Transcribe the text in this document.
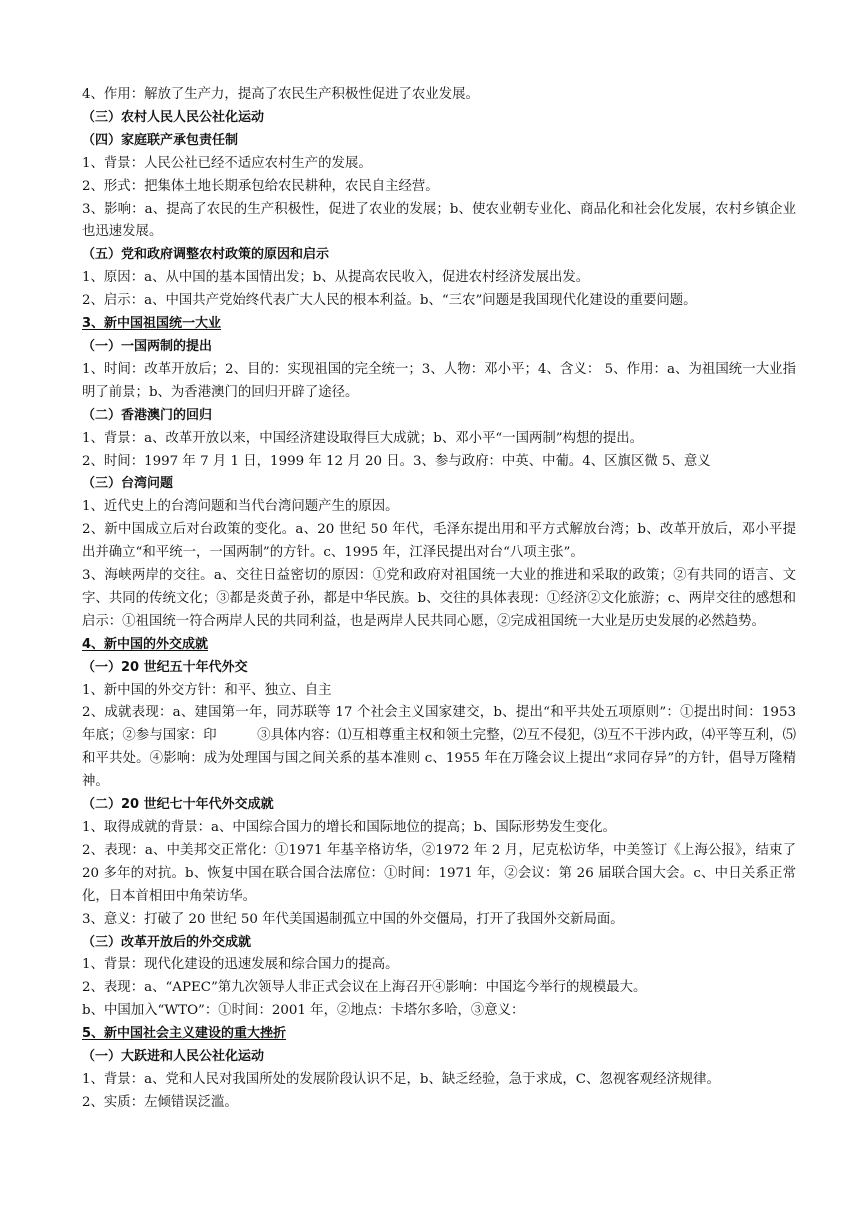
4、作用：解放了生产力，提高了农民生产积极性促进了农业发展。

（三）农村人民人民公社化运动

（四）家庭联产承包责任制

1、背景：人民公社已经不适应农村生产的发展。

2、形式：把集体土地长期承包给农民耕种，农民自主经营。

3、影响：a、提高了农民的生产积极性，促进了农业的发展；b、使农业朝专业化、商品化和社会化发展，农村乡镇企业也迅速发展。

（五）党和政府调整农村政策的原因和启示

1、原因：a、从中国的基本国情出发；b、从提高农民收入，促进农村经济发展出发。

2、启示：a、中国共产党始终代表广大人民的根本利益。b、“三农”问题是我国现代化建设的重要问题。

3、新中国祖国统一大业

（一）一国两制的提出

1、时间：改革开放后；2、目的：实现祖国的完全统一；3、人物：邓小平；4、含义： 5、作用：a、为祖国统一大业指明了前景；b、为香港澳门的回归开辟了途径。

（二）香港澳门的回归

1、背景：a、改革开放以来，中国经济建设取得巨大成就；b、邓小平“一国两制”构想的提出。

2、时间：1997 年 7 月 1 日，1999 年 12 月 20 日。3、参与政府：中英、中葡。4、区旗区微 5、意义

（三）台湾问题

1、近代史上的台湾问题和当代台湾问题产生的原因。

2、新中国成立后对台政策的变化。a、20 世纪 50 年代，毛泽东提出用和平方式解放台湾；b、改革开放后，邓小平提出并确立“和平统一，一国两制”的方针。c、1995 年，江泽民提出对台“八项主张”。

3、海峡两岸的交往。a、交往日益密切的原因：①党和政府对祖国统一大业的推进和采取的政策；②有共同的语言、文字、共同的传统文化；③都是炎黄子孙，都是中华民族。b、交往的具体表现：①经济②文化旅游；c、两岸交往的感想和启示：①祖国统一符合两岸人民的共同利益，也是两岸人民共同心愿，②完成祖国统一大业是历史发展的必然趋势。

4、新中国的外交成就

（一）20 世纪五十年代外交

1、新中国的外交方针：和平、独立、自主

2、成就表现：a、建国第一年，同苏联等 17 个社会主义国家建交，b、提出“和平共处五项原则”：①提出时间：1953 年底；②参与国家：印　　　③具体内容：⑴互相尊重主权和领土完整，⑵互不侵犯，⑶互不干涉内政，⑷平等互利，⑸和平共处。④影响：成为处理国与国之间关系的基本准则 c、1955 年在万隆会议上提出“求同存异”的方针，倡导万隆精神。

（二）20 世纪七十年代外交成就

1、取得成就的背景：a、中国综合国力的增长和国际地位的提高；b、国际形势发生变化。

2、表现：a、中美邦交正常化：①1971 年基辛格访华，②1972 年 2 月，尼克松访华，中美签订《上海公报》，结束了 20 多年的对抗。b、恢复中国在联合国合法席位：①时间：1971 年，②会议：第 26 届联合国大会。c、中日关系正常化，日本首相田中角荣访华。

3、意义：打破了 20 世纪 50 年代美国遏制孤立中国的外交僵局，打开了我国外交新局面。

（三）改革开放后的外交成就

1、背景：现代化建设的迅速发展和综合国力的提高。

2、表现：a、“APEC”第九次领导人非正式会议在上海召开④影响：中国迄今举行的规模最大。

b、中国加入“WTO”：①时间：2001 年，②地点：卡塔尔多哈，③意义：

5、新中国社会主义建设的重大挫折

（一）大跃进和人民公社化运动

1、背景：a、党和人民对我国所处的发展阶段认识不足，b、缺乏经验，急于求成，C、忽视客观经济规律。

2、实质：左倾错误泛滥。
